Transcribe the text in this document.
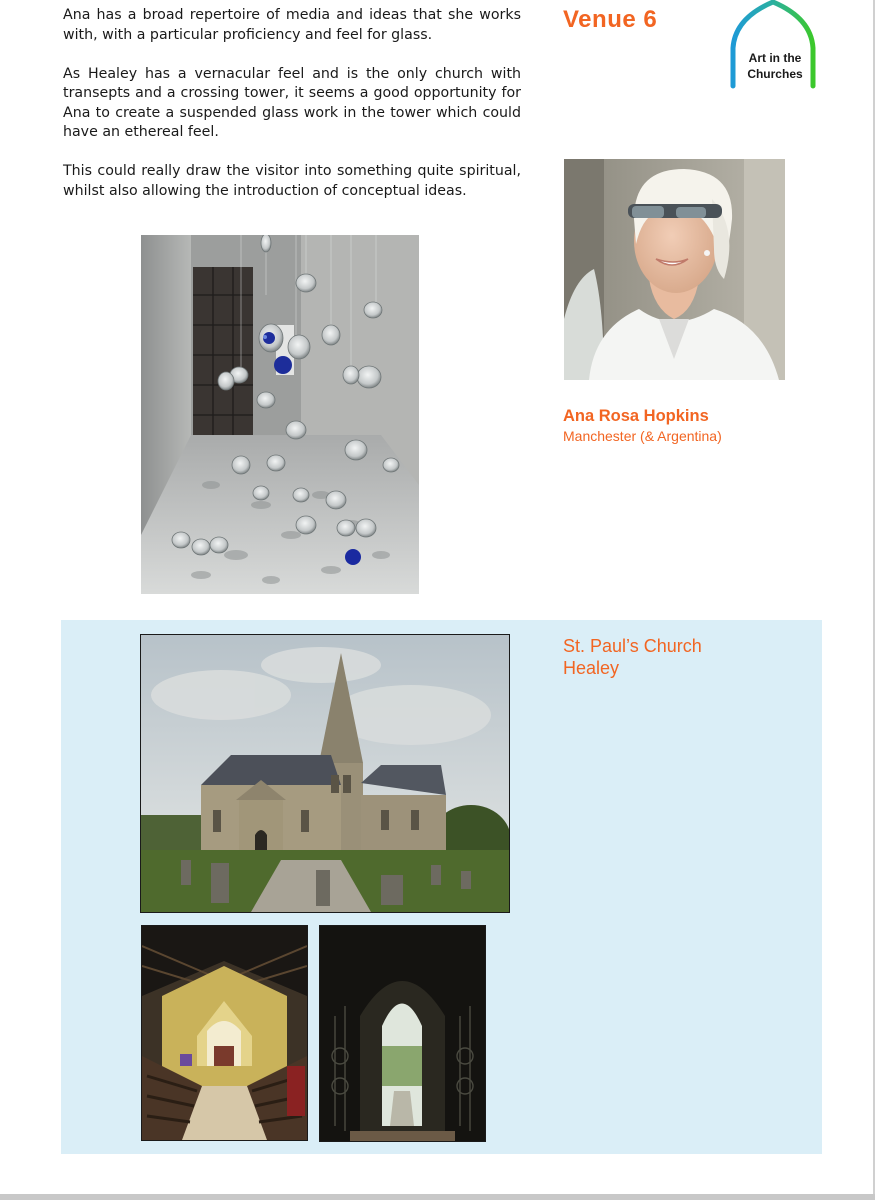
Ana has a broad repertoire of media and ideas that she works with, with a particular proficiency and feel for glass.

As Healey has a vernacular feel and is the only church with transepts and a crossing tower, it seems a good opportunity for Ana to create a suspended glass work in the tower which could have an ethereal feel.

This could really draw the visitor into something quite spiritual, whilst also allowing the introduction of conceptual ideas.

Venue 6
Art in the
Churches
Ana Rosa Hopkins
Manchester (& Argentina)
St. Paul’s Church
Healey
